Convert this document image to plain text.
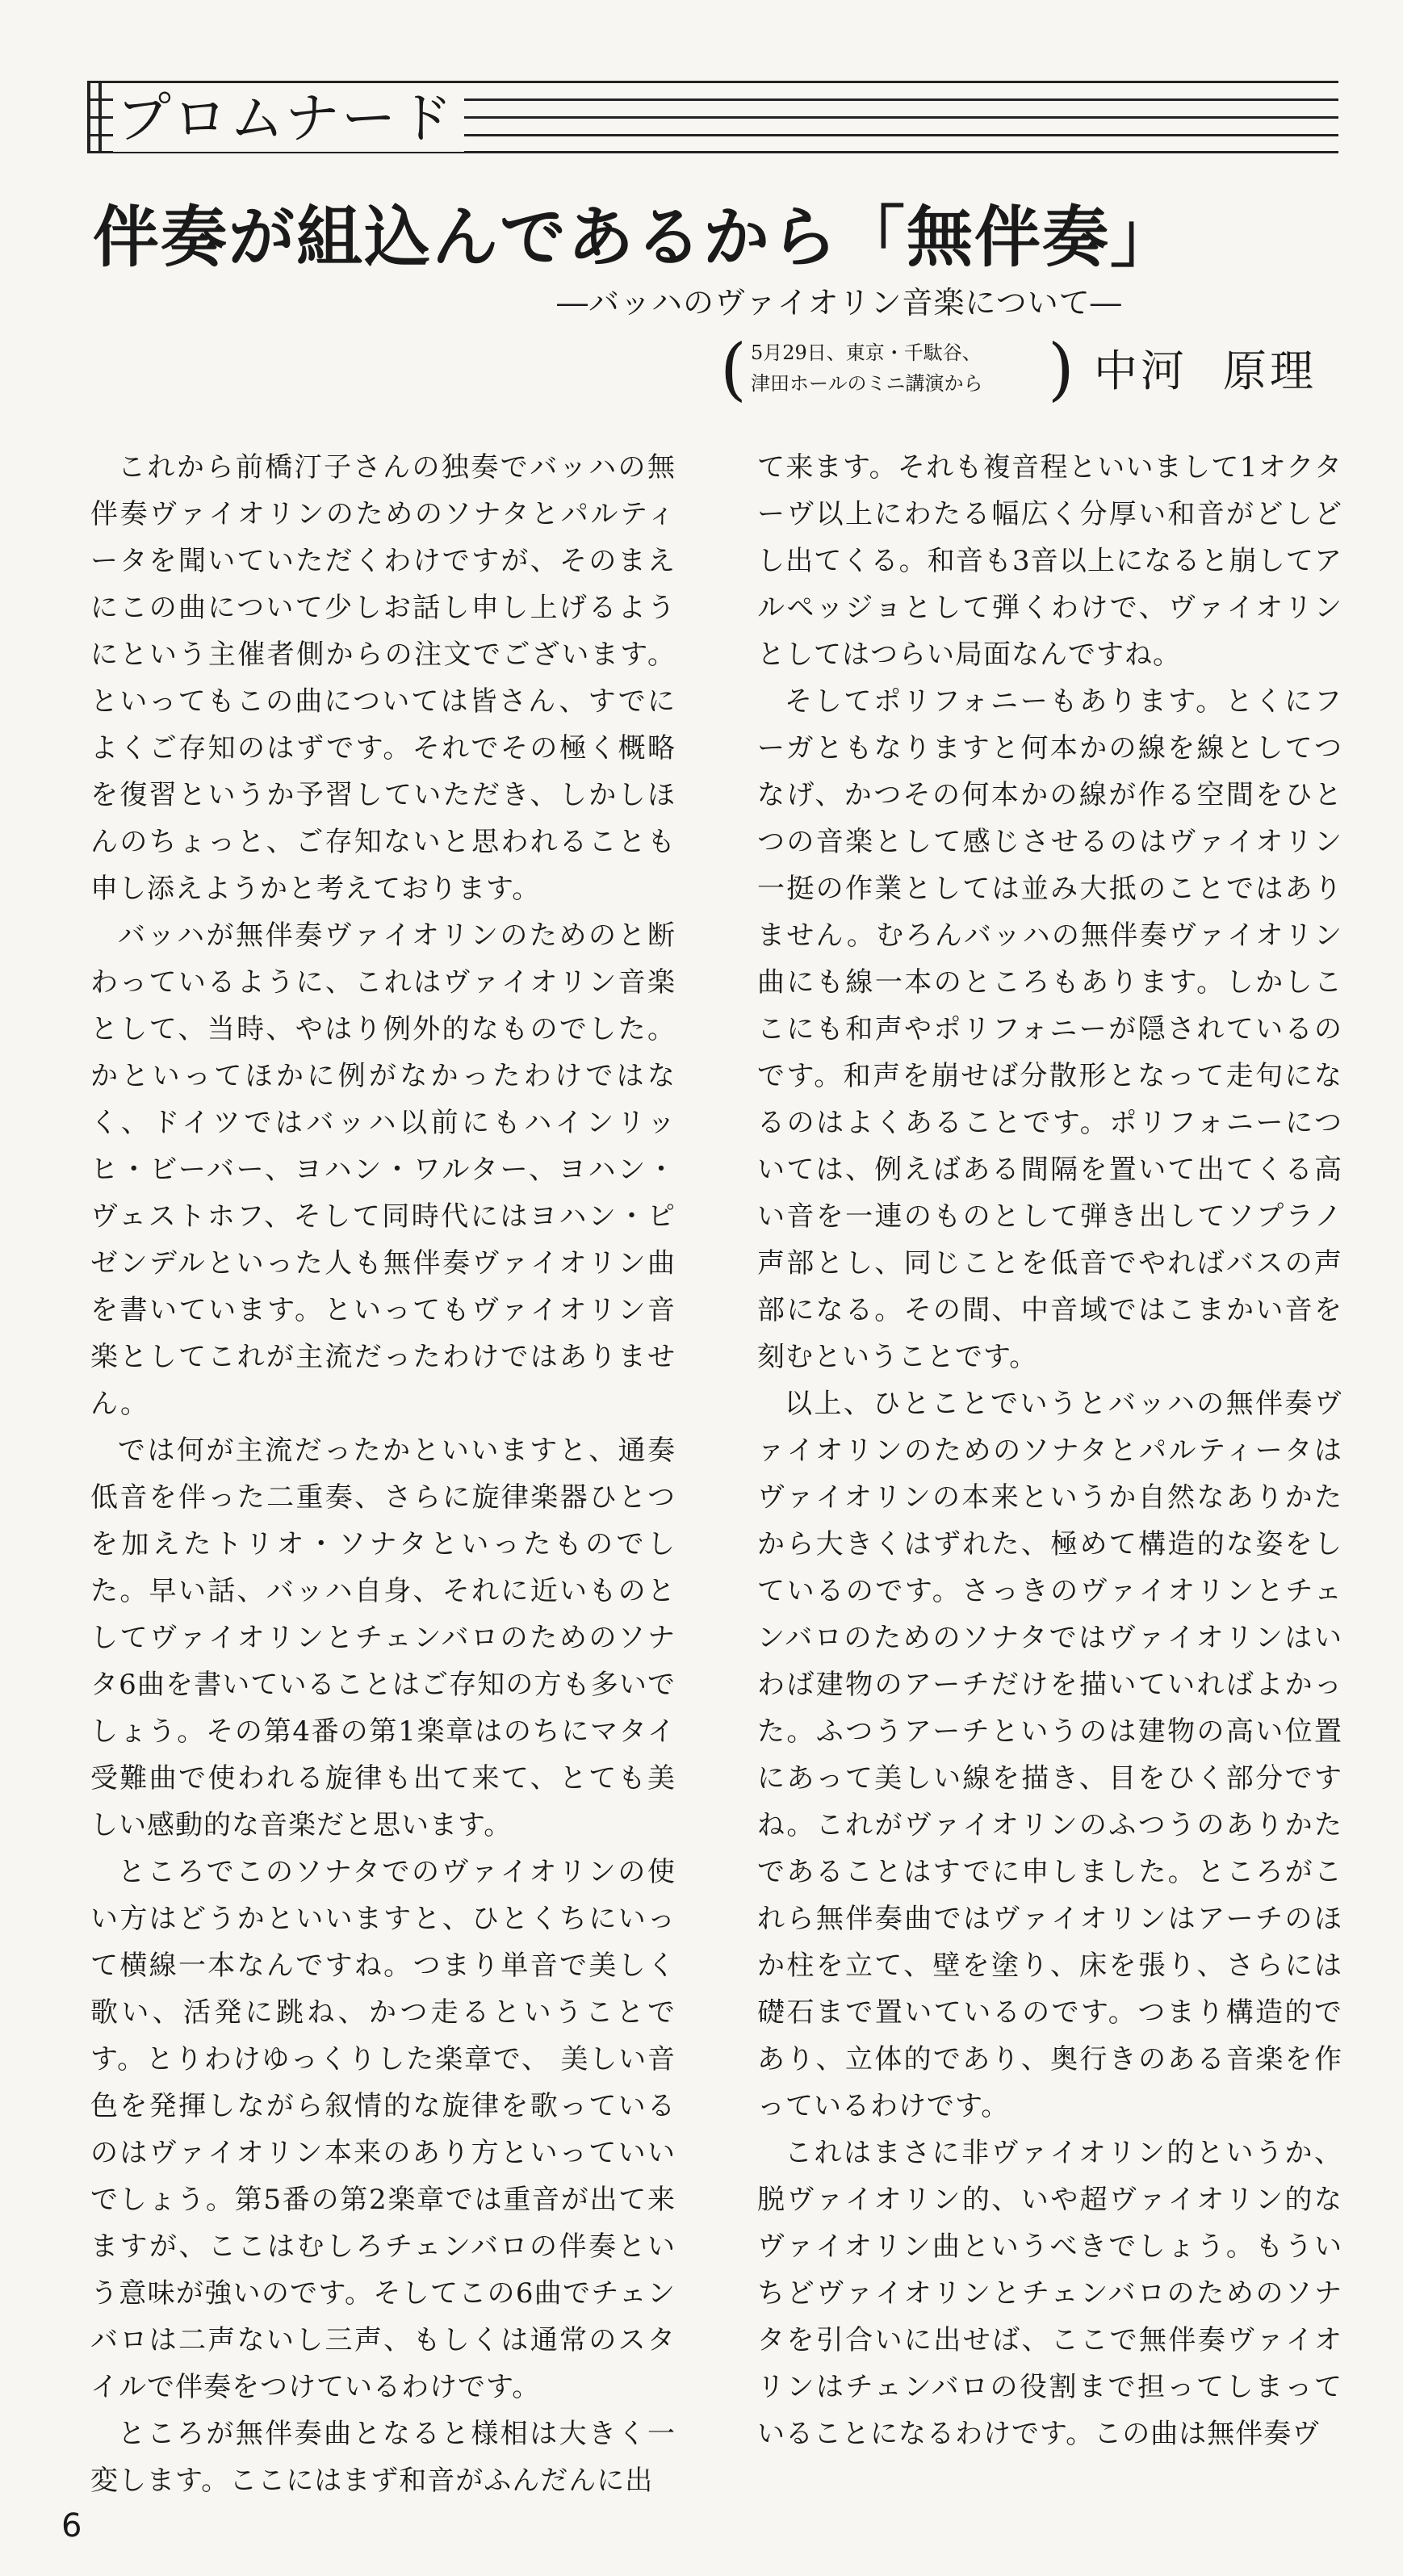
プロムナード
伴奏が組込んであるから「無伴奏」
―バッハのヴァイオリン音楽について―
( 5月29日、東京・千駄谷、
津田ホールのミニ講演から ) 中河 原理

これから前橋汀子さんの独奏でバッハの無伴奏ヴァイオリンのためのソナタとパルティータを聞いていただくわけですが、そのまえにこの曲について少しお話し申し上げるようにという主催者側からの注文でございます。といってもこの曲については皆さん、すでによくご存知のはずです。それでその極く概略を復習というか予習していただき、しかしほんのちょっと、ご存知ないと思われることも申し添えようかと考えております。

バッハが無伴奏ヴァイオリンのためのと断わっているように、これはヴァイオリン音楽として、当時、やはり例外的なものでした。かといってほかに例がなかったわけではなく、ドイツではバッハ以前にもハインリッヒ・ビーバー、ヨハン・ワルター、ヨハン・ヴェストホフ、そして同時代にはヨハン・ピゼンデルといった人も無伴奏ヴァイオリン曲を書いています。といってもヴァイオリン音楽としてこれが主流だったわけではありません。

では何が主流だったかといいますと、通奏低音を伴った二重奏、さらに旋律楽器ひとつを加えたトリオ・ソナタといったものでした。早い話、バッハ自身、それに近いものとしてヴァイオリンとチェンバロのためのソナタ6曲を書いていることはご存知の方も多いでしょう。その第4番の第1楽章はのちにマタイ受難曲で使われる旋律も出て来て、とても美しい感動的な音楽だと思います。

ところでこのソナタでのヴァイオリンの使い方はどうかといいますと、ひとくちにいって横線一本なんですね。つまり単音で美しく歌い、活発に跳ね、かつ走るということです。とりわけゆっくりした楽章で、 美しい音色を発揮しながら叙情的な旋律を歌っているのはヴァイオリン本来のあり方といっていいでしょう。第5番の第2楽章では重音が出て来ますが、ここはむしろチェンバロの伴奏という意味が強いのです。そしてこの6曲でチェンバロは二声ないし三声、もしくは通常のスタイルで伴奏をつけているわけです。

ところが無伴奏曲となると様相は大きく一変します。ここにはまず和音がふんだんに出

て来ます。それも複音程といいまして1オクターヴ以上にわたる幅広く分厚い和音がどしどし出てくる。和音も3音以上になると崩してアルペッジョとして弾くわけで、ヴァイオリンとしてはつらい局面なんですね。

そしてポリフォニーもあります。とくにフーガともなりますと何本かの線を線としてつなげ、かつその何本かの線が作る空間をひとつの音楽として感じさせるのはヴァイオリン一挺の作業としては並み大抵のことではありません。むろんバッハの無伴奏ヴァイオリン曲にも線一本のところもあります。しかしここにも和声やポリフォニーが隠されているのです。和声を崩せば分散形となって走句になるのはよくあることです。ポリフォニーについては、例えばある間隔を置いて出てくる高い音を一連のものとして弾き出してソプラノ声部とし、同じことを低音でやればバスの声部になる。その間、中音域ではこまかい音を刻むということです。

以上、ひとことでいうとバッハの無伴奏ヴァイオリンのためのソナタとパルティータはヴァイオリンの本来というか自然なありかたから大きくはずれた、極めて構造的な姿をしているのです。さっきのヴァイオリンとチェンバロのためのソナタではヴァイオリンはいわば建物のアーチだけを描いていればよかった。ふつうアーチというのは建物の高い位置にあって美しい線を描き、目をひく部分ですね。これがヴァイオリンのふつうのありかたであることはすでに申しました。ところがこれら無伴奏曲ではヴァイオリンはアーチのほか柱を立て、壁を塗り、床を張り、さらには礎石まで置いているのです。つまり構造的であり、立体的であり、奥行きのある音楽を作っているわけです。

これはまさに非ヴァイオリン的というか、脱ヴァイオリン的、いや超ヴァイオリン的なヴァイオリン曲というべきでしょう。もういちどヴァイオリンとチェンバロのためのソナタを引合いに出せば、ここで無伴奏ヴァイオリンはチェンバロの役割まで担ってしまっていることになるわけです。この曲は無伴奏ヴ

6
